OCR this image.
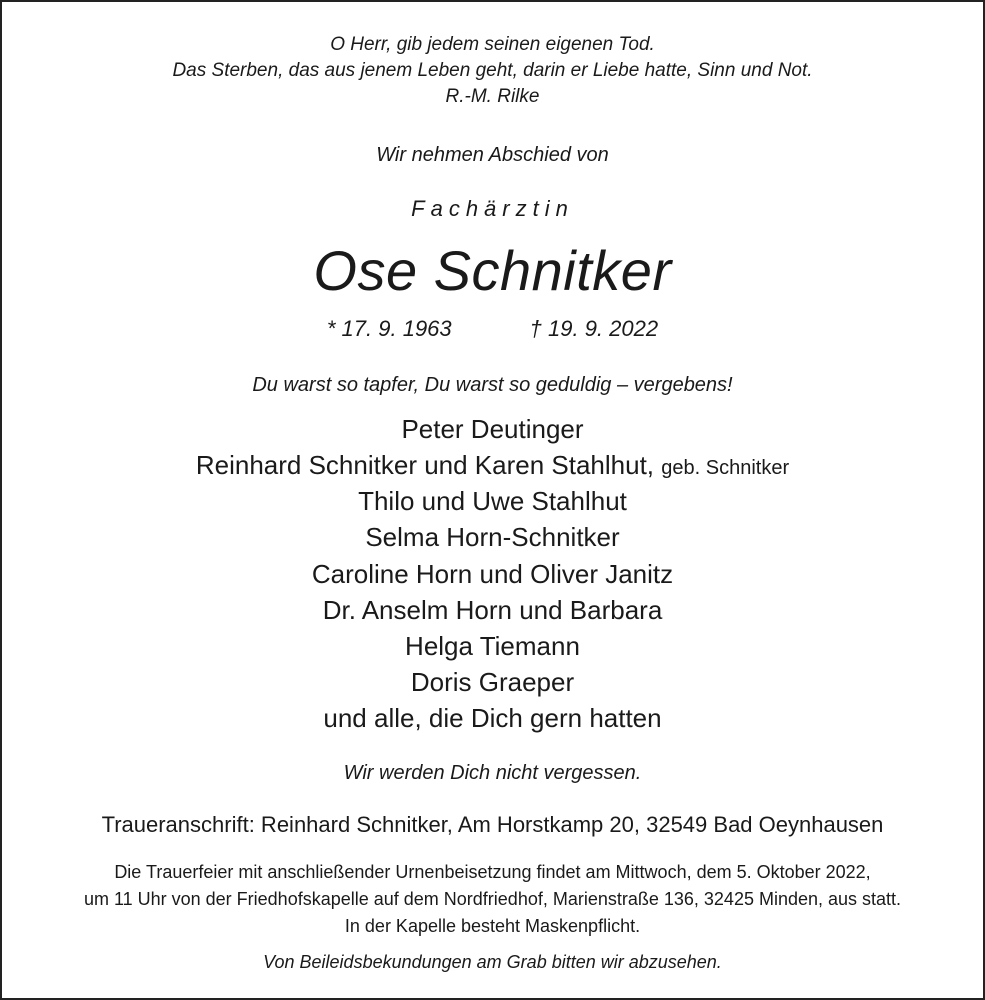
O Herr, gib jedem seinen eigenen Tod.
Das Sterben, das aus jenem Leben geht, darin er Liebe hatte, Sinn und Not.
R.-M. Rilke
Wir nehmen Abschied von
Fachärztin
Ose Schnitker
* 17. 9. 1963	† 19. 9. 2022
Du warst so tapfer, Du warst so geduldig – vergebens!
Peter Deutinger
Reinhard Schnitker und Karen Stahlhut, geb. Schnitker
Thilo und Uwe Stahlhut
Selma Horn-Schnitker
Caroline Horn und Oliver Janitz
Dr. Anselm Horn und Barbara
Helga Tiemann
Doris Graeper
und alle, die Dich gern hatten
Wir werden Dich nicht vergessen.
Traueranschrift: Reinhard Schnitker, Am Horstkamp 20, 32549 Bad Oeynhausen
Die Trauerfeier mit anschließender Urnenbeisetzung findet am Mittwoch, dem 5. Oktober 2022,
um 11 Uhr von der Friedhofskapelle auf dem Nordfriedhof, Marienstraße 136, 32425 Minden, aus statt.
In der Kapelle besteht Maskenpflicht.
Von Beileidsbekundungen am Grab bitten wir abzusehen.
